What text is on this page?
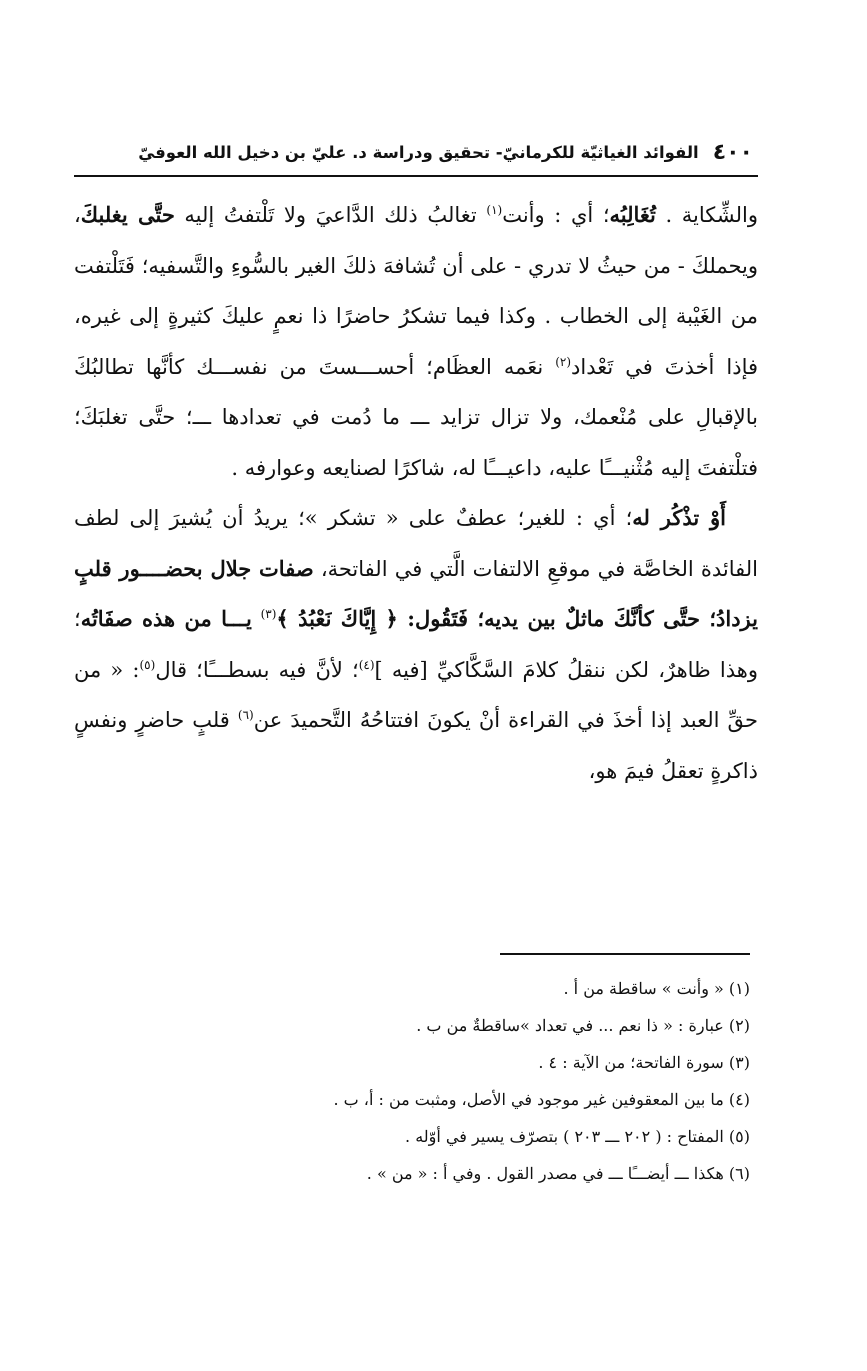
٤٠٠
الفوائد الغياثيّة للكرمانيّ- تحقيق ودراسة د. عليّ بن دخيل الله العوفيّ

والشِّكاية . تُغَالِبُه؛ أي : وأنت$^{(١)}$ تغالبُ ذلك الدَّاعيَ ولا تَلْتفتُ إليه حتَّى يغلبكَ، ويحملكَ - من حيثُ لا تدري - على أن تُشافهَ ذلكَ الغير بالسُّوءِ والتَّسفيه؛ فَتَلْتفت من الغَيْبة إلى الخطاب . وكذا فيما تشكرُ حاضرًا ذا نعمٍ عليكَ كثيرةٍ إلى غيره، فإذا أخذتَ في تَعْداد$^{(٢)}$ نعَمه العظَام؛ أحســـستَ من نفســـك كأنَّها تطالبُكَ بالإقبالِ على مُنْعمك، ولا تزال تزايد ـــ ما دُمت في تعدادها ـــ؛ حتَّى تغلبَكَ؛ فتلْتفتَ إليه مُثْنيـــًا عليه، داعيـــًا له، شاكرًا لصنايعه وعوارفه .

أَوْ تذْكُر له؛ أي : للغير؛ عطفٌ على « تشكر »؛ يريدُ أن يُشيرَ إلى لطف الفائدة الخاصَّة في موقعِ الالتفات الَّتي في الفاتحة، صفات جلال بحضــــور قلبٍ يزدادُ؛ حتَّى كأنَّكَ ماثلٌ بين يديه؛ فَتَقُول: ﴿ إِيَّاكَ نَعْبُدُ ﴾$^{(٣)}$ يـــا من هذه صفَاتُه؛ وهذا ظاهرٌ، لكن ننقلُ كلامَ السَّكَّاكيِّ [فيه ]$^{(٤)}$؛ لأنَّ فيه بسطـــًا؛ قال$^{(٥)}$: « من حقِّ العبد إذا أخذَ في القراءة أنْ يكونَ افتتاحُهُ التَّحميدَ عن$^{(٦)}$ قلبٍ حاضرٍ ونفسٍ ذاكرةٍ تعقلُ فيمَ هو،

(١) « وأنت » ساقطة من أ .
(٢) عبارة : « ذا نعم ... في تعداد »ساقطةٌ من ب .
(٣) سورة الفاتحة؛ من الآية : ٤ .
(٤) ما بين المعقوفين غير موجود في الأصل، ومثبت من : أ، ب .
(٥) المفتاح : ( ٢٠٢ ـــ ٢٠٣ ) بتصرّف يسير في أوّله .
(٦) هكذا ـــ أيضـــًا ـــ في مصدر القول . وفي أ : « من » .
